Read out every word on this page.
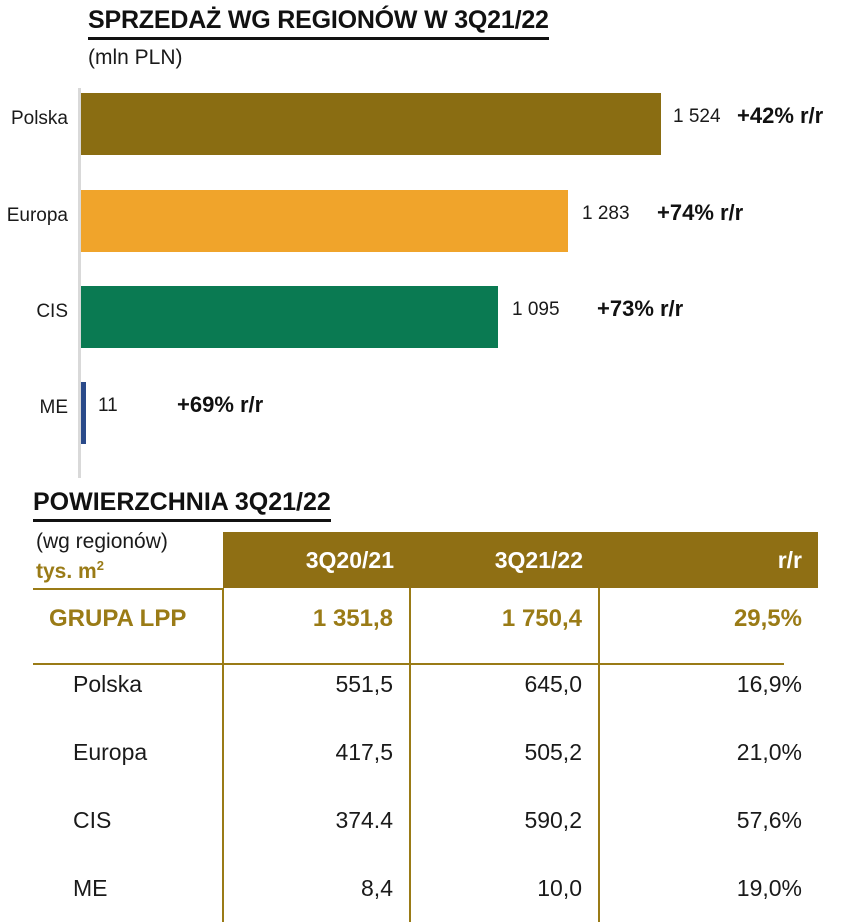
SPRZEDAŻ WG REGIONÓW W 3Q21/22
(mln PLN)
Polska	1 524 +42% r/r
Europa	1 283 +74% r/r
CIS	1 095 +73% r/r
ME 11	+69% r/r
POWIERZCHNIA 3Q21/22
(wg regionów)
tys. $m^2$
		3Q20/21	3Q21/22	r/r
GRUPA LPP	1 351,8	1 750,4	29,5%
Polska	551,5	645,0	16,9%
Europa	417,5	505,2	21,0%
CIS	374.4	590,2	57,6%
ME	8,4	10,0	19,0%
